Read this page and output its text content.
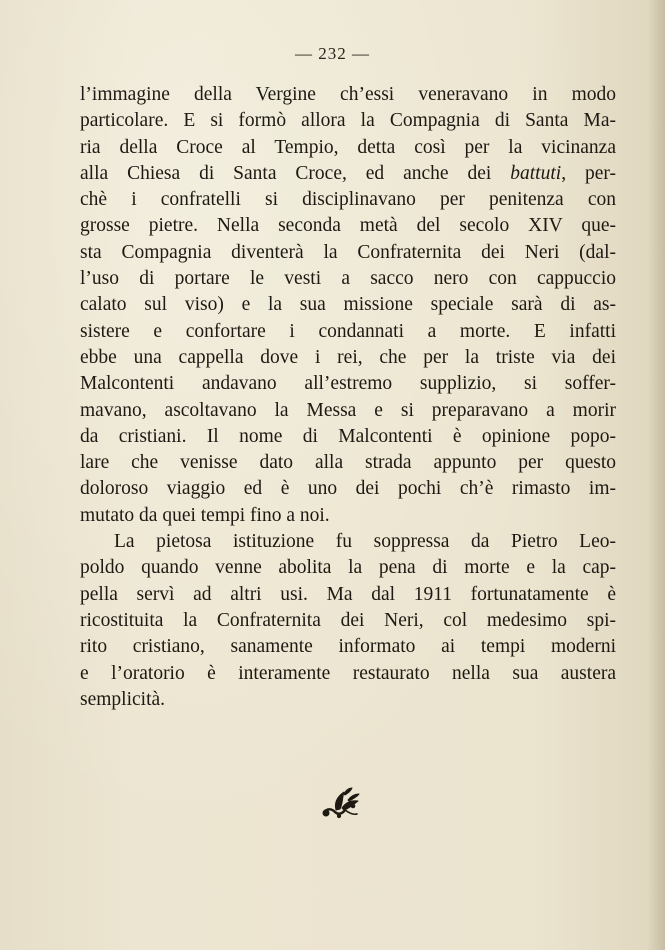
— 232 —
l’immagine della Vergine ch’essi veneravano in modo
particolare. E si formò allora la Compagnia di Santa Ma-
ria della Croce al Tempio, detta così per la vicinanza
alla Chiesa di Santa Croce, ed anche dei battuti, per-
chè i confratelli si disciplinavano per penitenza con
grosse pietre. Nella seconda metà del secolo XIV que-
sta Compagnia diventerà la Confraternita dei Neri (dal-
l’uso di portare le vesti a sacco nero con cappuccio
calato sul viso) e la sua missione speciale sarà di as-
sistere e confortare i condannati a morte. E infatti
ebbe una cappella dove i rei, che per la triste via dei
Malcontenti andavano all’estremo supplizio, si soffer-
mavano, ascoltavano la Messa e si preparavano a morir
da cristiani. Il nome di Malcontenti è opinione popo-
lare che venisse dato alla strada appunto per questo
doloroso viaggio ed è uno dei pochi ch’è rimasto im-
mutato da quei tempi fino a noi.
La pietosa istituzione fu soppressa da Pietro Leo-
poldo quando venne abolita la pena di morte e la cap-
pella servì ad altri usi. Ma dal 1911 fortunatamente è
ricostituita la Confraternita dei Neri, col medesimo spi-
rito cristiano, sanamente informato ai tempi moderni
e l’oratorio è interamente restaurato nella sua austera
semplicità.
